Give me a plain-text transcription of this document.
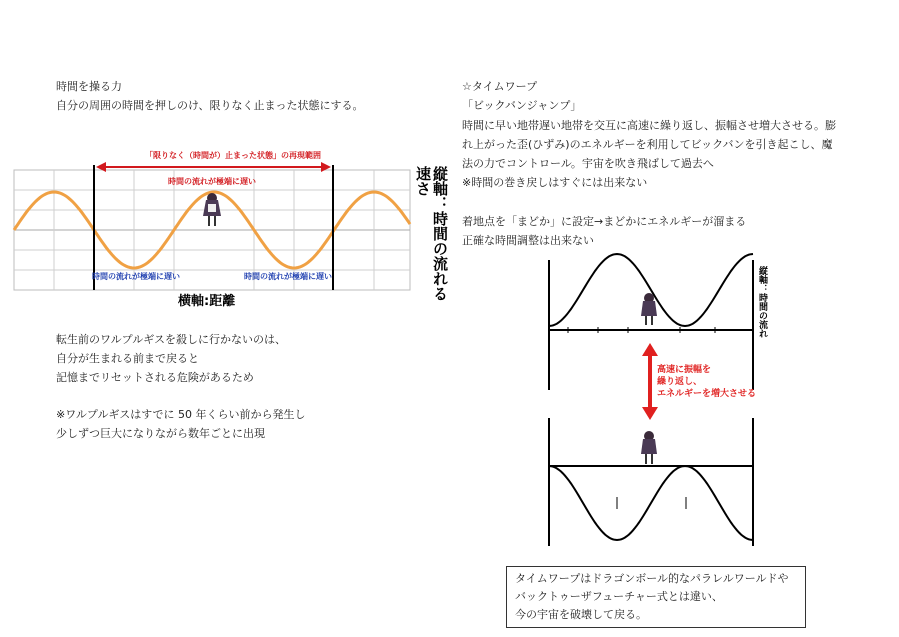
時間を操る力
自分の周囲の時間を押しのけ、限りなく止まった状態にする。
「限りなく（時間が）止まった状態」の再現範囲
時間の流れが極端に遅い
時間の流れが極端に遅い	時間の流れが極端に遅い
横軸:距離
縦軸：時間の流れる速さ
転生前のワルプルギスを殺しに行かないのは、
自分が生まれる前まで戻ると
記憶までリセットされる危険があるため
※ワルプルギスはすでに 50 年くらい前から発生し
少しずつ巨大になりながら数年ごとに出現
☆タイムワープ
「ビックバンジャンプ」
時間に早い地帯遅い地帯を交互に高速に繰り返し、振幅させ増大させる。膨
れ上がった歪(ひずみ)のエネルギーを利用してビックバンを引き起こし、魔
法の力でコントロール。宇宙を吹き飛ばして過去へ
※時間の巻き戻しはすぐには出来ない
着地点を「まどか」に設定→まどかにエネルギーが溜まる
正確な時間調整は出来ない
縦軸：時間の流れ
高速に振幅を
繰り返し、
エネルギーを増大させる
タイムワープはドラゴンボール的なパラレルワールドや
バックトゥーザフューチャー式とは違い、
今の宇宙を破壊して戻る。
